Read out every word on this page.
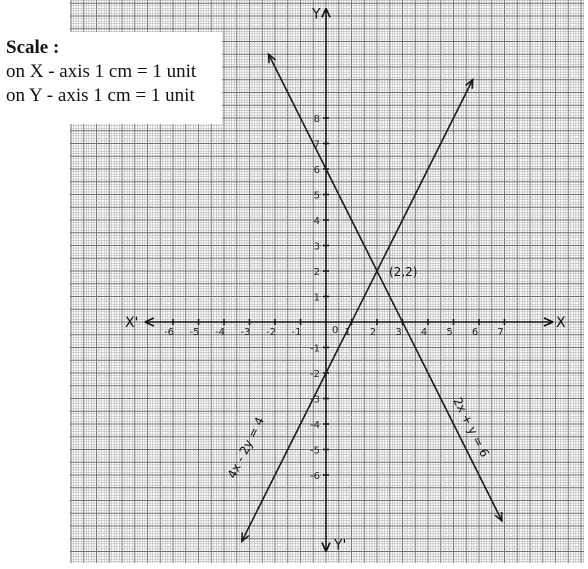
-6 -5 -4 -3 -2 -1	1 2 3 4 5 6 7
8
7
6
5
4
3
2
1
-1
-2
-3
-4
-5
-6
0	X
X'
Y
Y'
(2,2)
4x - 2y = 4	2x + y = 6
Scale :
on X - axis 1 cm = 1 unit
on Y - axis 1 cm = 1 unit
